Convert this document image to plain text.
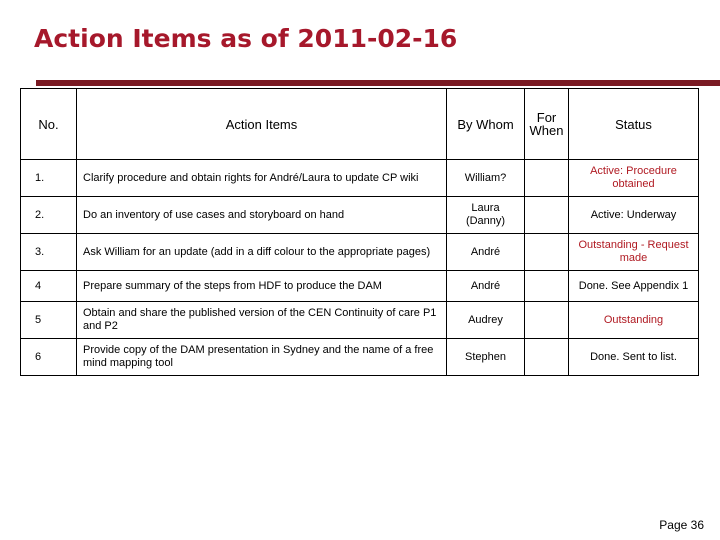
Action Items as of 2011-02-16
No.	Action Items	By Whom	For When	Status
1.	Clarify procedure and obtain rights for André/Laura to update CP wiki	William?		Active: Procedure obtained
2.	Do an inventory of use cases and storyboard on hand	Laura (Danny)		Active: Underway
3.	Ask William for an update (add in a diff colour to the appropriate pages)	André		Outstanding - Request made
4	Prepare summary of the steps from HDF to produce the DAM	André		Done. See Appendix 1
5	Obtain and share the published version of the CEN Continuity of care P1 and P2	Audrey		Outstanding
6	Provide copy of the DAM presentation in Sydney and the name of a free mind mapping tool	Stephen		Done. Sent to list.
Page 36
